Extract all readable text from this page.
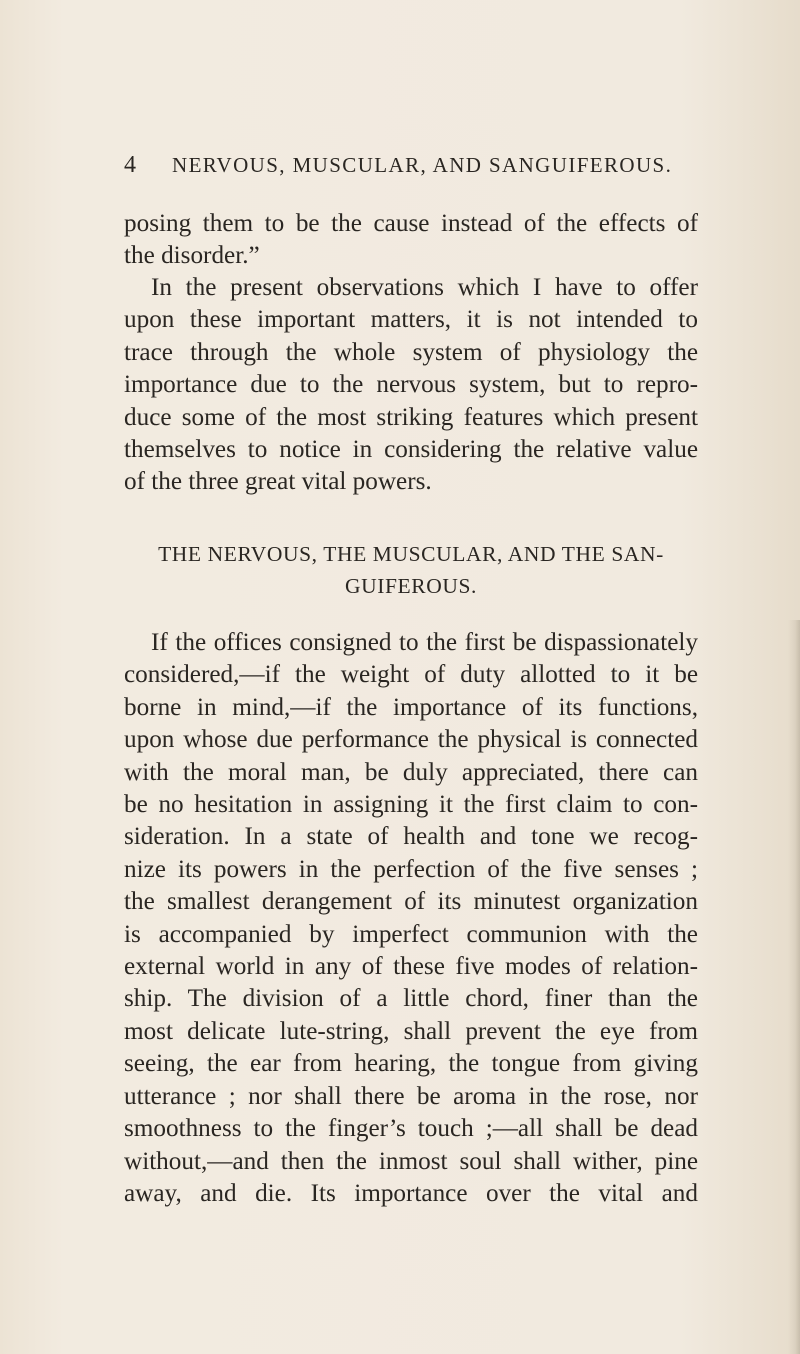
4 NERVOUS, MUSCULAR, AND SANGUIFEROUS.
posing them to be the cause instead of the effects of
the disorder.”
In the present observations which I have to offer
upon these important matters, it is not intended to
trace through the whole system of physiology the
importance due to the nervous system, but to repro-
duce some of the most striking features which present
themselves to notice in considering the relative value
of the three great vital powers.
THE NERVOUS, THE MUSCULAR, AND THE SAN-
GUIFEROUS.
If the offices consigned to the first be dispassionately
considered,—if the weight of duty allotted to it be
borne in mind,—if the importance of its functions,
upon whose due performance the physical is connected
with the moral man, be duly appreciated, there can
be no hesitation in assigning it the first claim to con-
sideration. In a state of health and tone we recog-
nize its powers in the perfection of the five senses ;
the smallest derangement of its minutest organization
is accompanied by imperfect communion with the
external world in any of these five modes of relation-
ship. The division of a little chord, finer than the
most delicate lute-string, shall prevent the eye from
seeing, the ear from hearing, the tongue from giving
utterance ; nor shall there be aroma in the rose, nor
smoothness to the finger’s touch ;—all shall be dead
without,—and then the inmost soul shall wither, pine
away, and die. Its importance over the vital and
